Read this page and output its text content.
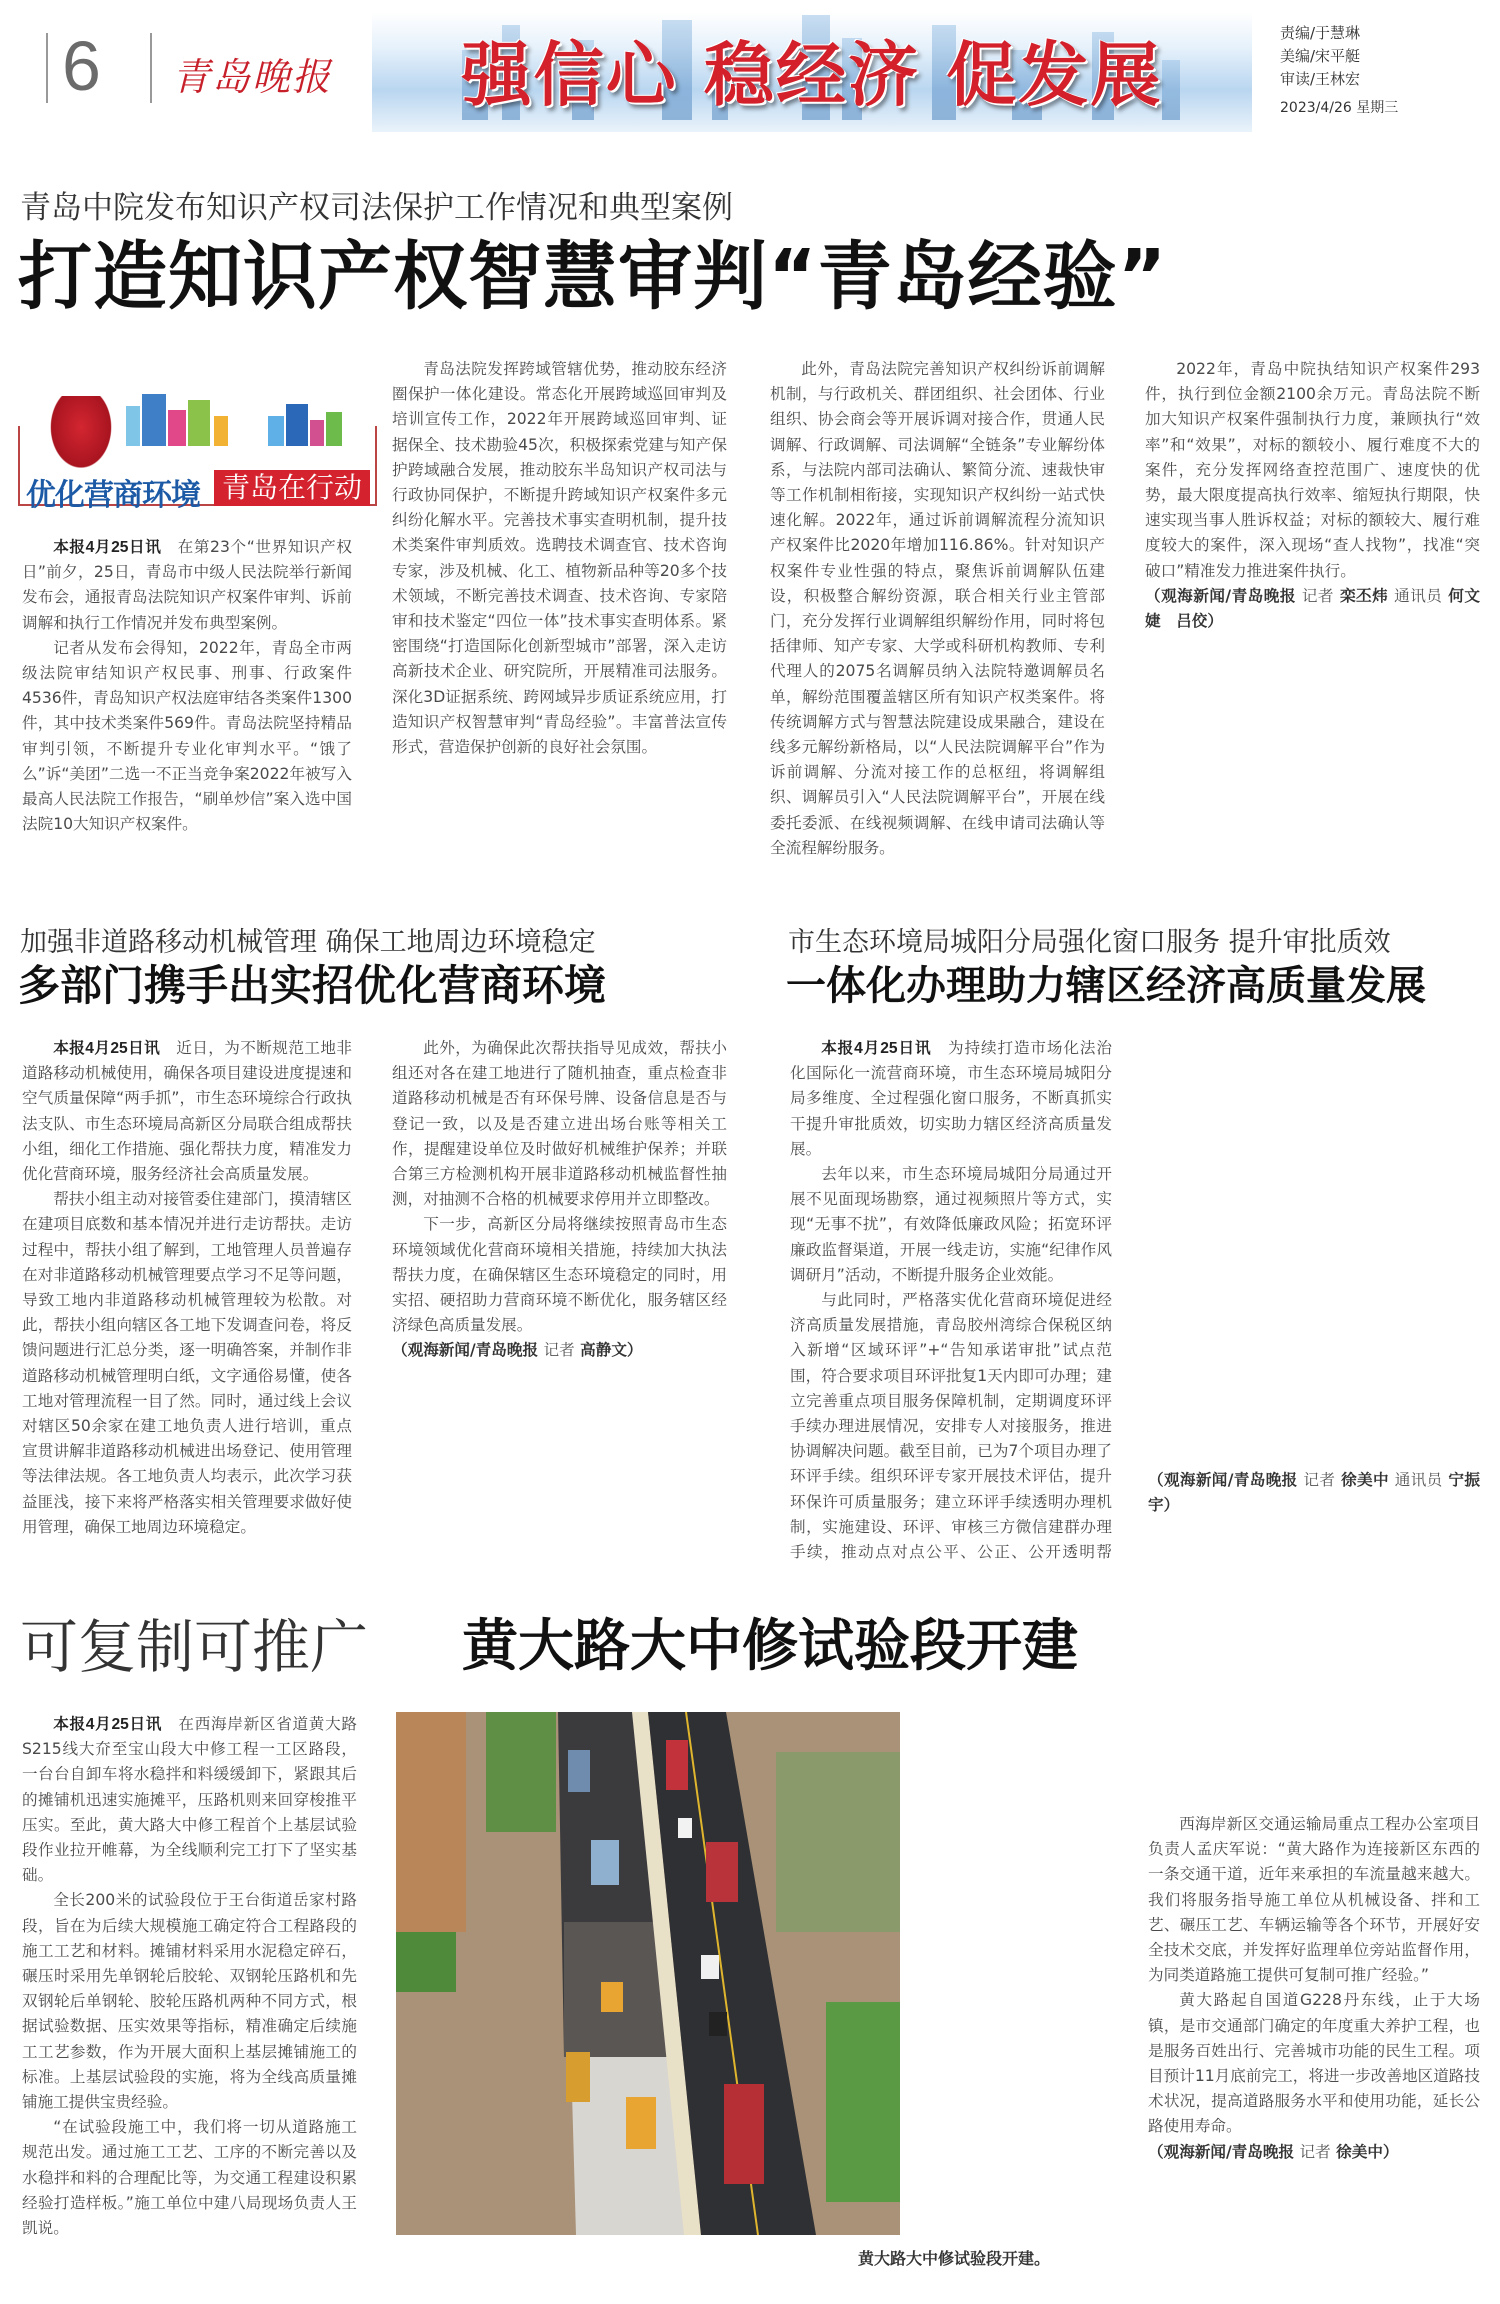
6 青岛晚报	强信心 稳经济 促发展
责编/于慧琳
美编/宋平艇
审读/王林宏
2023/4/26 星期三
青岛中院发布知识产权司法保护工作情况和典型案例
打造知识产权智慧审判“青岛经验”
优化营商环境 青岛在行动

本报4月25日讯　 在第23个“世界知识产权日”前夕，25日，青岛市中级人民法院举行新闻发布会，通报青岛法院知识产权案件审判、诉前调解和执行工作情况并发布典型案例。

记者从发布会得知，2022年，青岛全市两级法院审结知识产权民事、刑事、行政案件4536件，青岛知识产权法庭审结各类案件1300件，其中技术类案件569件。青岛法院坚持精品审判引领，不断提升专业化审判水平。“饿了么”诉“美团”二选一不正当竞争案2022年被写入最高人民法院工作报告，“刷单炒信”案入选中国法院10大知识产权案件。

青岛法院发挥跨域管辖优势，推动胶东经济圈保护一体化建设。常态化开展跨域巡回审判及培训宣传工作，2022年开展跨域巡回审判、证据保全、技术勘验45次，积极探索党建与知产保护跨域融合发展，推动胶东半岛知识产权司法与行政协同保护，不断提升跨域知识产权案件多元纠纷化解水平。完善技术事实查明机制，提升技术类案件审判质效。选聘技术调查官、技术咨询专家，涉及机械、化工、植物新品种等20多个技术领域，不断完善技术调查、技术咨询、专家陪审和技术鉴定“四位一体”技术事实查明体系。紧密围绕“打造国际化创新型城市”部署，深入走访高新技术企业、研究院所，开展精准司法服务。深化3D证据系统、跨网域异步质证系统应用，打造知识产权智慧审判“青岛经验”。丰富普法宣传形式，营造保护创新的良好社会氛围。

此外，青岛法院完善知识产权纠纷诉前调解机制，与行政机关、群团组织、社会团体、行业组织、协会商会等开展诉调对接合作，贯通人民调解、行政调解、司法调解“全链条”专业解纷体系，与法院内部司法确认、繁简分流、速裁快审等工作机制相衔接，实现知识产权纠纷一站式快速化解。2022年，通过诉前调解流程分流知识产权案件比2020年增加116.86%。针对知识产权案件专业性强的特点，聚焦诉前调解队伍建设，积极整合解纷资源，联合相关行业主管部门，充分发挥行业调解组织解纷作用，同时将包括律师、知产专家、大学或科研机构教师、专利代理人的2075名调解员纳入法院特邀调解员名单，解纷范围覆盖辖区所有知识产权类案件。将传统调解方式与智慧法院建设成果融合，建设在线多元解纷新格局，以“人民法院调解平台”作为诉前调解、分流对接工作的总枢纽，将调解组织、调解员引入“人民法院调解平台”，开展在线委托委派、在线视频调解、在线申请司法确认等全流程解纷服务。

2022年，青岛中院执结知识产权案件293件，执行到位金额2100余万元。青岛法院不断加大知识产权案件强制执行力度，兼顾执行“效率”和“效果”，对标的额较小、履行难度不大的案件，充分发挥网络查控范围广、速度快的优势，最大限度提高执行效率、缩短执行期限，快速实现当事人胜诉权益；对标的额较大、履行难度较大的案件，深入现场“查人找物”，找准“突破口”精准发力推进案件执行。

（观海新闻/青岛晚报 记者 栾丕炜 通讯员 何文婕　吕佼）

加强非道路移动机械管理 确保工地周边环境稳定
多部门携手出实招优化营商环境

本报4月25日讯　 近日，为不断规范工地非道路移动机械使用，确保各项目建设进度提速和空气质量保障“两手抓”，市生态环境综合行政执法支队、市生态环境局高新区分局联合组成帮扶小组，细化工作措施、强化帮扶力度，精准发力优化营商环境，服务经济社会高质量发展。

帮扶小组主动对接管委住建部门，摸清辖区在建项目底数和基本情况并进行走访帮扶。走访过程中，帮扶小组了解到，工地管理人员普遍存在对非道路移动机械管理要点学习不足等问题，导致工地内非道路移动机械管理较为松散。对此，帮扶小组向辖区各工地下发调查问卷，将反馈问题进行汇总分类，逐一明确答案，并制作非道路移动机械管理明白纸，文字通俗易懂，使各工地对管理流程一目了然。同时，通过线上会议对辖区50余家在建工地负责人进行培训，重点宣贯讲解非道路移动机械进出场登记、使用管理等法律法规。各工地负责人均表示，此次学习获益匪浅，接下来将严格落实相关管理要求做好使用管理，确保工地周边环境稳定。

此外，为确保此次帮扶指导见成效，帮扶小组还对各在建工地进行了随机抽查，重点检查非道路移动机械是否有环保号牌、设备信息是否与登记一致，以及是否建立进出场台账等相关工作，提醒建设单位及时做好机械维护保养；并联合第三方检测机构开展非道路移动机械监督性抽测，对抽测不合格的机械要求停用并立即整改。

下一步，高新区分局将继续按照青岛市生态环境领域优化营商环境相关措施，持续加大执法帮扶力度，在确保辖区生态环境稳定的同时，用实招、硬招助力营商环境不断优化，服务辖区经济绿色高质量发展。

（观海新闻/青岛晚报 记者 高静文）

市生态环境局城阳分局强化窗口服务 提升审批质效
一体化办理助力辖区经济高质量发展

本报4月25日讯　 为持续打造市场化法治化国际化一流营商环境，市生态环境局城阳分局多维度、全过程强化窗口服务，不断真抓实干提升审批质效，切实助力辖区经济高质量发展。

去年以来，市生态环境局城阳分局通过开展不见面现场勘察，通过视频照片等方式，实现“无事不扰”，有效降低廉政风险；拓宽环评廉政监督渠道，开展一线走访，实施“纪律作风调研月”活动，不断提升服务企业效能。

与此同时，严格落实优化营商环境促进经济高质量发展措施，青岛胶州湾综合保税区纳入新增“区域环评”+“告知承诺审批”试点范围，符合要求项目环评批复1天内即可办理；建立完善重点项目服务保障机制，定期调度环评手续办理进展情况，安排专人对接服务，推进协调解决问题。截至目前，已为7个项目办理了环评手续。组织环评专家开展技术评估，提升环保许可质量服务；建立环评手续透明办理机制，实施建设、环评、审核三方微信建群办理手续，推动点对点公平、公正、公开透明帮

（观海新闻/青岛晚报 记者 徐美中 通讯员 宁振宇）

可复制可推广 黄大路大中修试验段开建

本报4月25日讯　 在西海岸新区省道黄大路S215线大夼至宝山段大中修工程一工区路段，一台台自卸车将水稳拌和料缓缓卸下，紧跟其后的摊铺机迅速实施摊平，压路机则来回穿梭推平压实。至此，黄大路大中修工程首个上基层试验段作业拉开帷幕，为全线顺利完工打下了坚实基础。

全长200米的试验段位于王台街道岳家村路段，旨在为后续大规模施工确定符合工程路段的施工工艺和材料。摊铺材料采用水泥稳定碎石，碾压时采用先单钢轮后胶轮、双钢轮压路机和先双钢轮后单钢轮、胶轮压路机两种不同方式，根据试验数据、压实效果等指标，精准确定后续施工工艺参数，作为开展大面积上基层摊铺施工的标准。上基层试验段的实施，将为全线高质量摊铺施工提供宝贵经验。

“在试验段施工中，我们将一切从道路施工规范出发。通过施工工艺、工序的不断完善以及水稳拌和料的合理配比等，为交通工程建设积累经验打造样板。”施工单位中建八局现场负责人王凯说。

黄大路大中修试验段开建。

西海岸新区交通运输局重点工程办公室项目负责人孟庆军说：“黄大路作为连接新区东西的一条交通干道，近年来承担的车流量越来越大。我们将服务指导施工单位从机械设备、拌和工艺、碾压工艺、车辆运输等各个环节，开展好安全技术交底，并发挥好监理单位旁站监督作用，为同类道路施工提供可复制可推广经验。”

黄大路起自国道G228丹东线，止于大场镇，是市交通部门确定的年度重大养护工程，也是服务百姓出行、完善城市功能的民生工程。项目预计11月底前完工，将进一步改善地区道路技术状况，提高道路服务水平和使用功能，延长公路使用寿命。

（观海新闻/青岛晚报 记者 徐美中）
